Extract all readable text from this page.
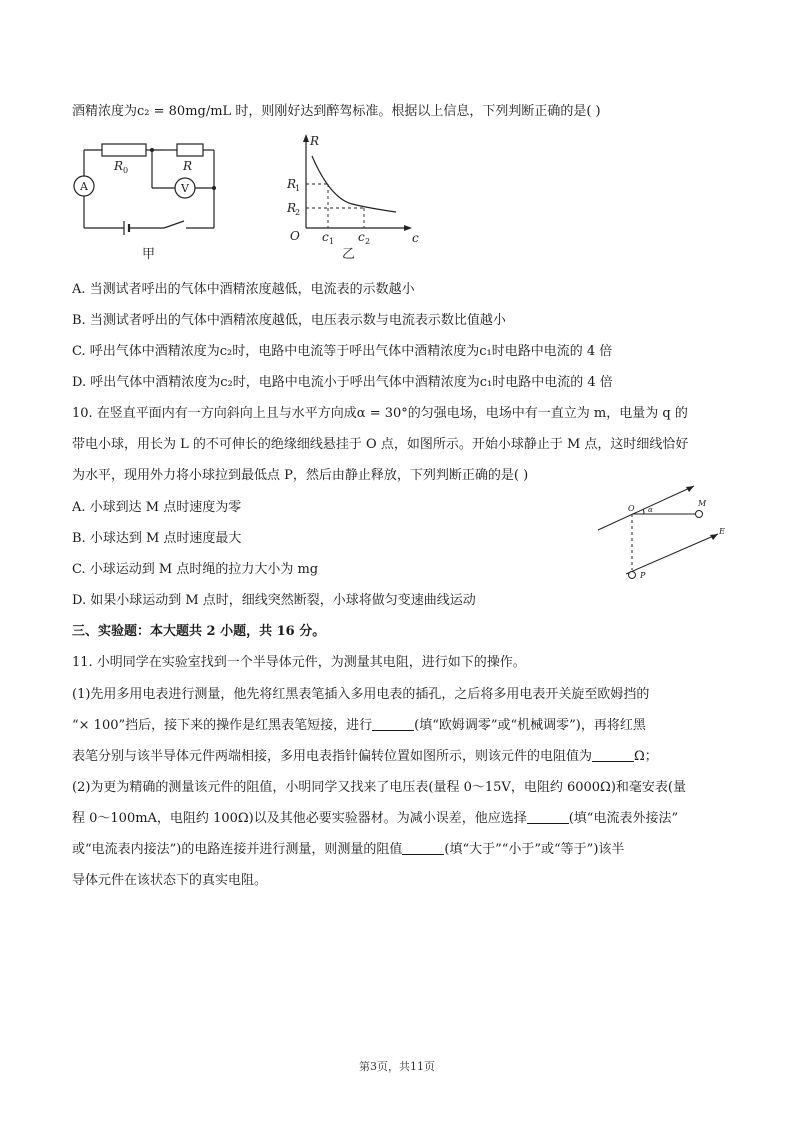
酒精浓度为c₂ = 80mg/mL 时，则刚好达到醉驾标准。根据以上信息，下列判断正确的是( )
R 0	R
A	V
甲
R
c
O
R
1
R
2
c 1 c 2
乙
A. 当测试者呼出的气体中酒精浓度越低，电流表的示数越小
B. 当测试者呼出的气体中酒精浓度越低，电压表示数与电流表示数比值越小
C. 呼出气体中酒精浓度为c₂时，电路中电流等于呼出气体中酒精浓度为c₁时电路中电流的 4 倍
D. 呼出气体中酒精浓度为c₂时，电路中电流小于呼出气体中酒精浓度为c₁时电路中电流的 4 倍
10. 在竖直平面内有一方向斜向上且与水平方向成α = 30°的匀强电场，电场中有一直立为 m，电量为 q 的
带电小球，用长为 L 的不可伸长的绝缘细线悬挂于 O 点，如图所示。开始小球静止于 M 点，这时细线恰好
为水平，现用外力将小球拉到最低点 P，然后由静止释放，下列判断正确的是( )
A. 小球到达 M 点时速度为零
B. 小球达到 M 点时速度最大
C. 小球运动到 M 点时绳的拉力大小为 mg
D. 如果小球运动到 M 点时，细线突然断裂，小球将做匀变速曲线运动
O α
M
E
P
三、实验题：本大题共 2 小题，共 16 分。
11. 小明同学在实验室找到一个半导体元件，为测量其电阻，进行如下的操作。
(1)先用多用电表进行测量，他先将红黑表笔插入多用电表的插孔，之后将多用电表开关旋至欧姆挡的
“× 100”挡后，接下来的操作是红黑表笔短接，进行	(填“欧姆调零”或“机械调零”)，再将红黑
表笔分别与该半导体元件两端相接，多用电表指针偏转位置如图所示，则该元件的电阻值为	Ω；
(2)为更为精确的测量该元件的阻值，小明同学又找来了电压表(量程 0～15V，电阻约 6000Ω)和毫安表(量
程 0～100mA，电阻约 100Ω)以及其他必要实验器材。为减小误差，他应选择	(填“电流表外接法”
或“电流表内接法”)的电路连接并进行测量，则测量的阻值	(填“大于”“小于”或“等于”)该半
导体元件在该状态下的真实电阻。
第3页，共11页
